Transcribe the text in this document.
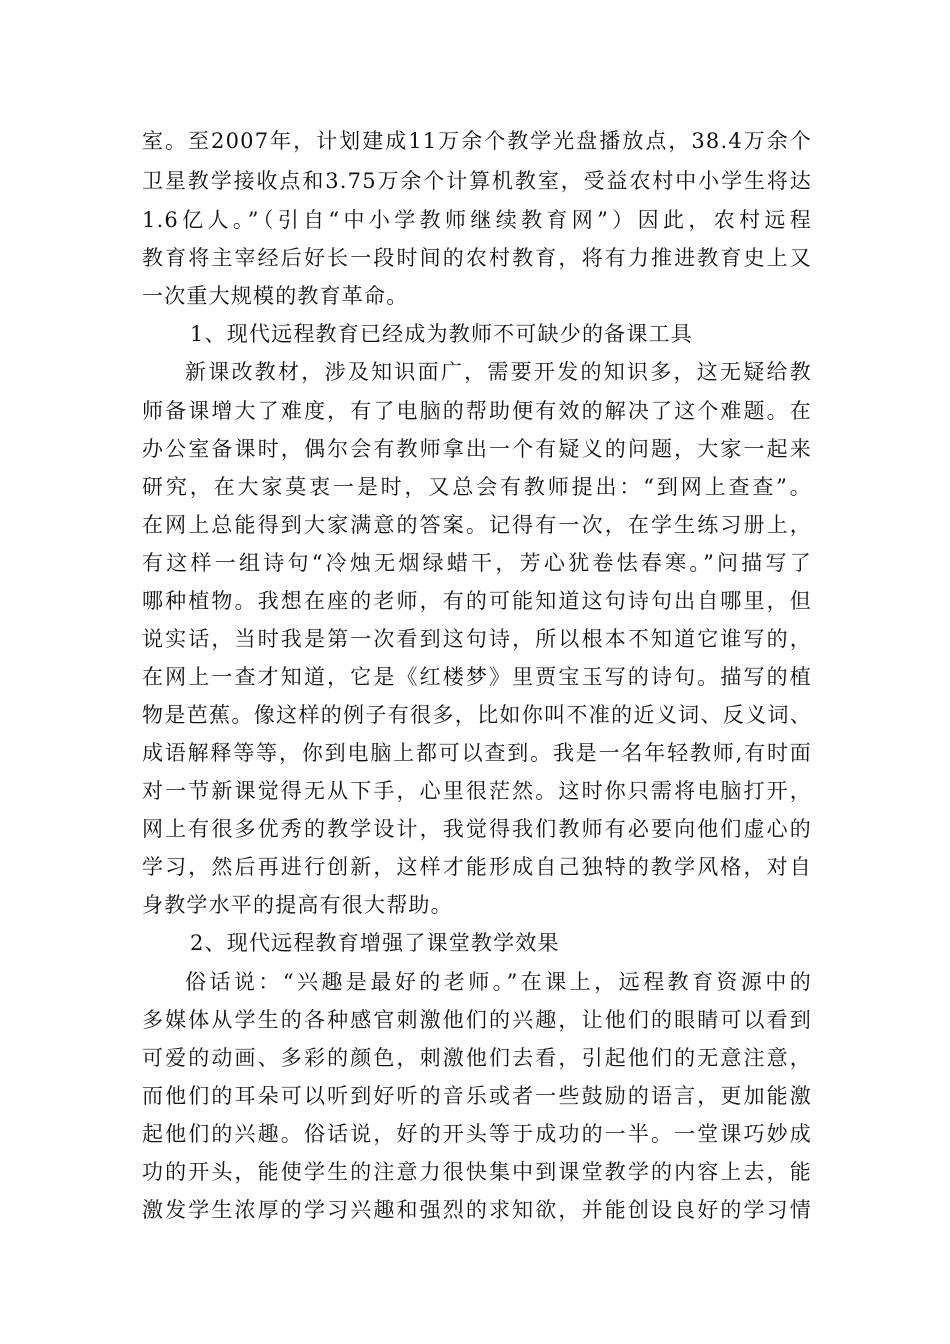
室。至2007年，计划建成11万余个教学光盘播放点，38.4万余个
卫星教学接收点和3.75万余个计算机教室，受益农村中小学生将达
1.6亿人。”（引自“中小学教师继续教育网”）因此，农村远程
教育将主宰经后好长一段时间的农村教育，将有力推进教育史上又
一次重大规模的教育革命。
1、现代远程教育已经成为教师不可缺少的备课工具
新课改教材，涉及知识面广，需要开发的知识多，这无疑给教
师备课增大了难度，有了电脑的帮助便有效的解决了这个难题。在
办公室备课时，偶尔会有教师拿出一个有疑义的问题，大家一起来
研究，在大家莫衷一是时，又总会有教师提出：“到网上查查”。
在网上总能得到大家满意的答案。记得有一次，在学生练习册上，
有这样一组诗句“冷烛无烟绿蜡干，芳心犹卷怯春寒。”问描写了
哪种植物。我想在座的老师，有的可能知道这句诗句出自哪里，但
说实话，当时我是第一次看到这句诗，所以根本不知道它谁写的，
在网上一查才知道，它是《红楼梦》里贾宝玉写的诗句。描写的植
物是芭蕉。像这样的例子有很多，比如你叫不准的近义词、反义词、
成语解释等等，你到电脑上都可以查到。我是一名年轻教师,有时面
对一节新课觉得无从下手，心里很茫然。这时你只需将电脑打开，
网上有很多优秀的教学设计，我觉得我们教师有必要向他们虚心的
学习，然后再进行创新，这样才能形成自己独特的教学风格，对自
身教学水平的提高有很大帮助。
2、现代远程教育增强了课堂教学效果
俗话说：“兴趣是最好的老师。”在课上，远程教育资源中的
多媒体从学生的各种感官刺激他们的兴趣，让他们的眼睛可以看到
可爱的动画、多彩的颜色，刺激他们去看，引起他们的无意注意，
而他们的耳朵可以听到好听的音乐或者一些鼓励的语言，更加能激
起他们的兴趣。俗话说，好的开头等于成功的一半。一堂课巧妙成
功的开头，能使学生的注意力很快集中到课堂教学的内容上去，能
激发学生浓厚的学习兴趣和强烈的求知欲，并能创设良好的学习情
